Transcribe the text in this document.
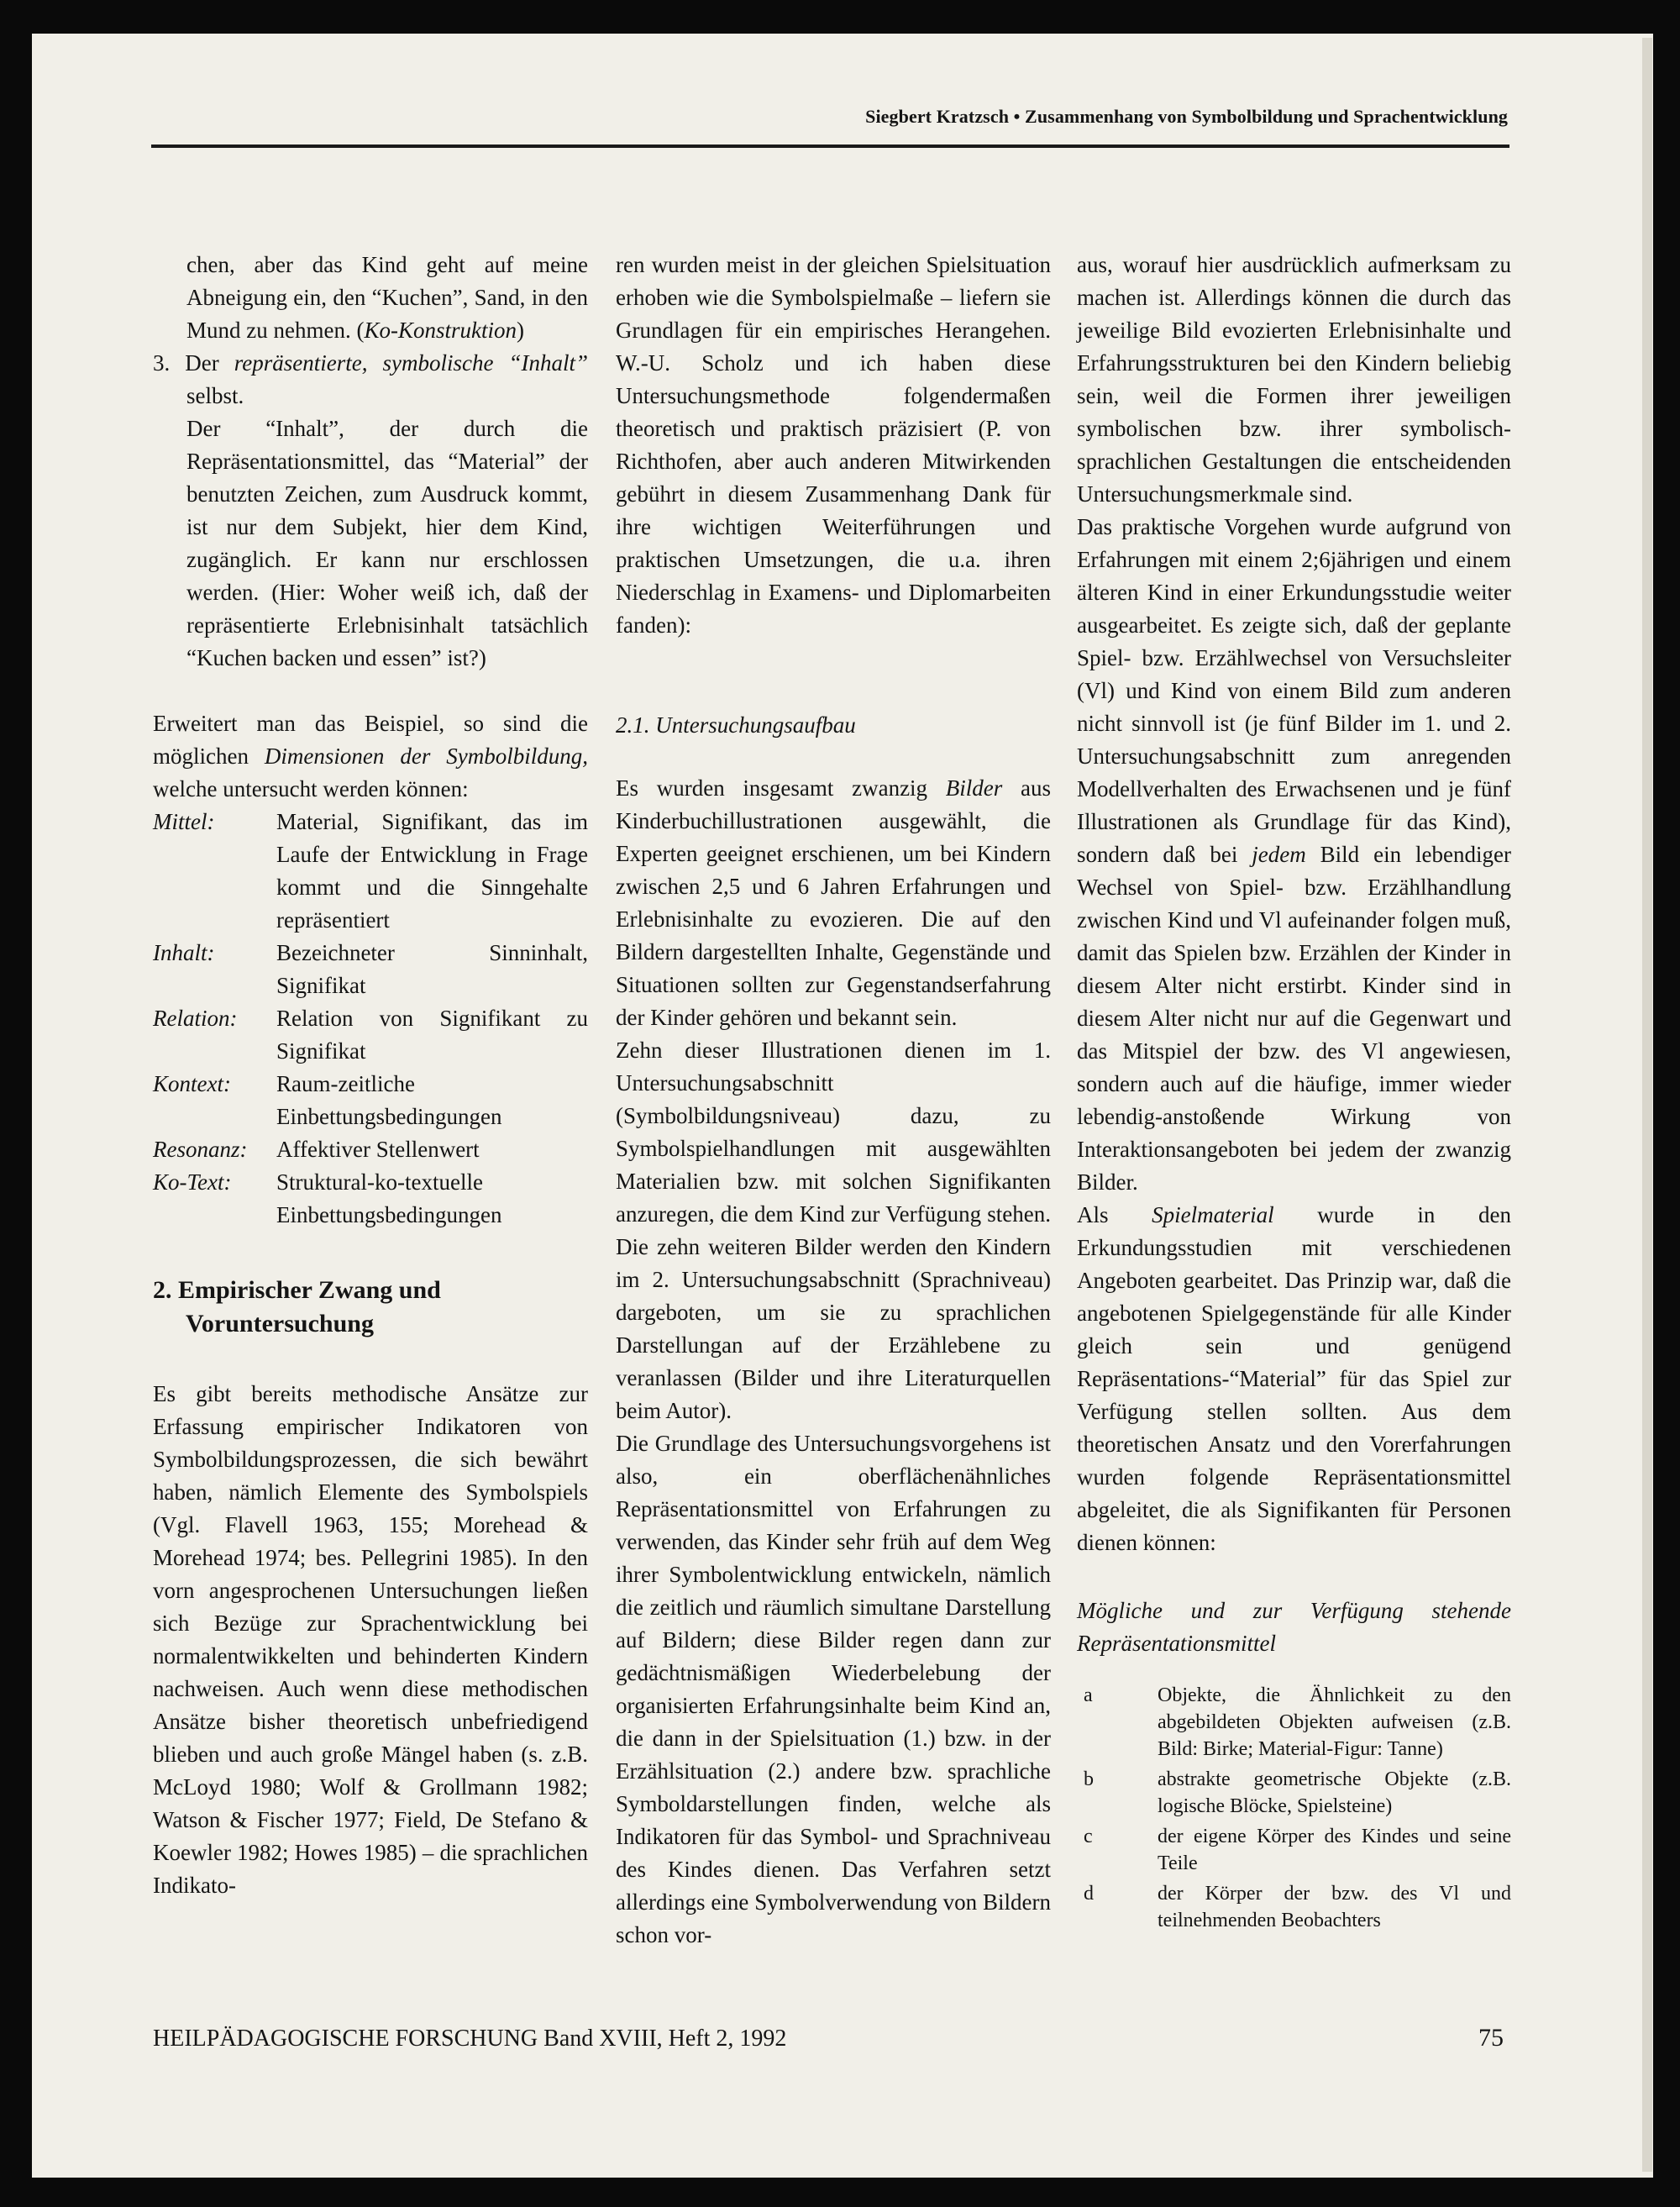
Siegbert Kratzsch • Zusammenhang von Symbolbildung und Sprachentwicklung

chen, aber das Kind geht auf meine Abneigung ein, den “Kuchen”, Sand, in den Mund zu nehmen. (Ko-Konstruktion)

3. Der repräsentierte, symbolische “Inhalt” selbst.

Der “Inhalt”, der durch die Repräsentationsmittel, das “Material” der benutzten Zeichen, zum Ausdruck kommt, ist nur dem Subjekt, hier dem Kind, zugänglich. Er kann nur erschlossen werden. (Hier: Woher weiß ich, daß der repräsentierte Erlebnisinhalt tatsächlich “Kuchen backen und essen” ist?)

Erweitert man das Beispiel, so sind die möglichen Dimensionen der Symbolbildung, welche untersucht werden können:

Mittel:	Material, Signifikant, das im Laufe der Entwicklung in Frage kommt und die Sinngehalte repräsentiert
Inhalt:	Bezeichneter Sinninhalt, Signifikat
Relation:	Relation von Signifikant zu Signifikat
Kontext:	Raum-zeitliche Einbettungsbedingungen
Resonanz:	Affektiver Stellenwert
Ko-Text:	Struktural-ko-textuelle Einbettungsbedingungen
2. Empirischer Zwang und Voruntersuchung

Es gibt bereits methodische Ansätze zur Erfassung empirischer Indikatoren von Symbolbildungsprozessen, die sich bewährt haben, nämlich Elemente des Symbolspiels (Vgl. Flavell 1963, 155; Morehead & Morehead 1974; bes. Pellegrini 1985). In den vorn angesprochenen Untersuchungen ließen sich Bezüge zur Sprachentwicklung bei normalentwikkelten und behinderten Kindern nachweisen. Auch wenn diese methodischen Ansätze bisher theoretisch unbefriedigend blieben und auch große Mängel haben (s. z.B. McLoyd 1980; Wolf & Grollmann 1982; Watson & Fischer 1977; Field, De Stefano & Koewler 1982; Howes 1985) – die sprachlichen Indikato-

ren wurden meist in der gleichen Spielsituation erhoben wie die Symbolspielmaße – liefern sie Grundlagen für ein empirisches Herangehen. W.-U. Scholz und ich haben diese Untersuchungsmethode folgendermaßen theoretisch und praktisch präzisiert (P. von Richthofen, aber auch anderen Mitwirkenden gebührt in diesem Zusammenhang Dank für ihre wichtigen Weiterführungen und praktischen Umsetzungen, die u.a. ihren Niederschlag in Examens- und Diplomarbeiten fanden):

2.1. Untersuchungsaufbau

Es wurden insgesamt zwanzig Bilder aus Kinderbuchillustrationen ausgewählt, die Experten geeignet erschienen, um bei Kindern zwischen 2,5 und 6 Jahren Erfahrungen und Erlebnisinhalte zu evozieren. Die auf den Bildern dargestellten Inhalte, Gegenstände und Situationen sollten zur Gegenstandserfahrung der Kinder gehören und bekannt sein.

Zehn dieser Illustrationen dienen im 1. Untersuchungsabschnitt (Symbolbildungsniveau) dazu, zu Symbolspielhandlungen mit ausgewählten Materialien bzw. mit solchen Signifikanten anzuregen, die dem Kind zur Verfügung stehen. Die zehn weiteren Bilder werden den Kindern im 2. Untersuchungsabschnitt (Sprachniveau) dargeboten, um sie zu sprachlichen Darstellungan auf der Erzählebene zu veranlassen (Bilder und ihre Literaturquellen beim Autor).

Die Grundlage des Untersuchungsvorgehens ist also, ein oberflächenähnliches Repräsentationsmittel von Erfahrungen zu verwenden, das Kinder sehr früh auf dem Weg ihrer Symbolentwicklung entwickeln, nämlich die zeitlich und räumlich simultane Darstellung auf Bildern; diese Bilder regen dann zur gedächtnismäßigen Wiederbelebung der organisierten Erfahrungsinhalte beim Kind an, die dann in der Spielsituation (1.) bzw. in der Erzählsituation (2.) andere bzw. sprachliche Symboldarstellungen finden, welche als Indikatoren für das Symbol- und Sprachniveau des Kindes dienen. Das Verfahren setzt allerdings eine Symbolverwendung von Bildern schon vor-

aus, worauf hier ausdrücklich aufmerksam zu machen ist. Allerdings können die durch das jeweilige Bild evozierten Erlebnisinhalte und Erfahrungsstrukturen bei den Kindern beliebig sein, weil die Formen ihrer jeweiligen symbolischen bzw. ihrer symbolisch-sprachlichen Gestaltungen die entscheidenden Untersuchungsmerkmale sind.

Das praktische Vorgehen wurde aufgrund von Erfahrungen mit einem 2;6jährigen und einem älteren Kind in einer Erkundungsstudie weiter ausgearbeitet. Es zeigte sich, daß der geplante Spiel- bzw. Erzählwechsel von Versuchsleiter (Vl) und Kind von einem Bild zum anderen nicht sinnvoll ist (je fünf Bilder im 1. und 2. Untersuchungsabschnitt zum anregenden Modellverhalten des Erwachsenen und je fünf Illustrationen als Grundlage für das Kind), sondern daß bei jedem Bild ein lebendiger Wechsel von Spiel- bzw. Erzählhandlung zwischen Kind und Vl aufeinander folgen muß, damit das Spielen bzw. Erzählen der Kinder in diesem Alter nicht erstirbt. Kinder sind in diesem Alter nicht nur auf die Gegenwart und das Mitspiel der bzw. des Vl angewiesen, sondern auch auf die häufige, immer wieder lebendig-anstoßende Wirkung von Interaktionsangeboten bei jedem der zwanzig Bilder.

Als Spielmaterial wurde in den Erkundungsstudien mit verschiedenen Angeboten gearbeitet. Das Prinzip war, daß die angebotenen Spielgegenstände für alle Kinder gleich sein und genügend Repräsentations-“Material” für das Spiel zur Verfügung stellen sollten. Aus dem theoretischen Ansatz und den Vorerfahrungen wurden folgende Repräsentationsmittel abgeleitet, die als Signifikanten für Personen dienen können:

Mögliche und zur Verfügung stehende Repräsentationsmittel

a	Objekte, die Ähnlichkeit zu den abgebildeten Objekten aufweisen (z.B. Bild: Birke; Material-Figur: Tanne)
b	abstrakte geometrische Objekte (z.B. logische Blöcke, Spielsteine)
c	der eigene Körper des Kindes und seine Teile
d	der Körper der bzw. des Vl und teilnehmenden Beobachters
HEILPÄDAGOGISCHE FORSCHUNG Band XVIII, Heft 2, 1992	75
